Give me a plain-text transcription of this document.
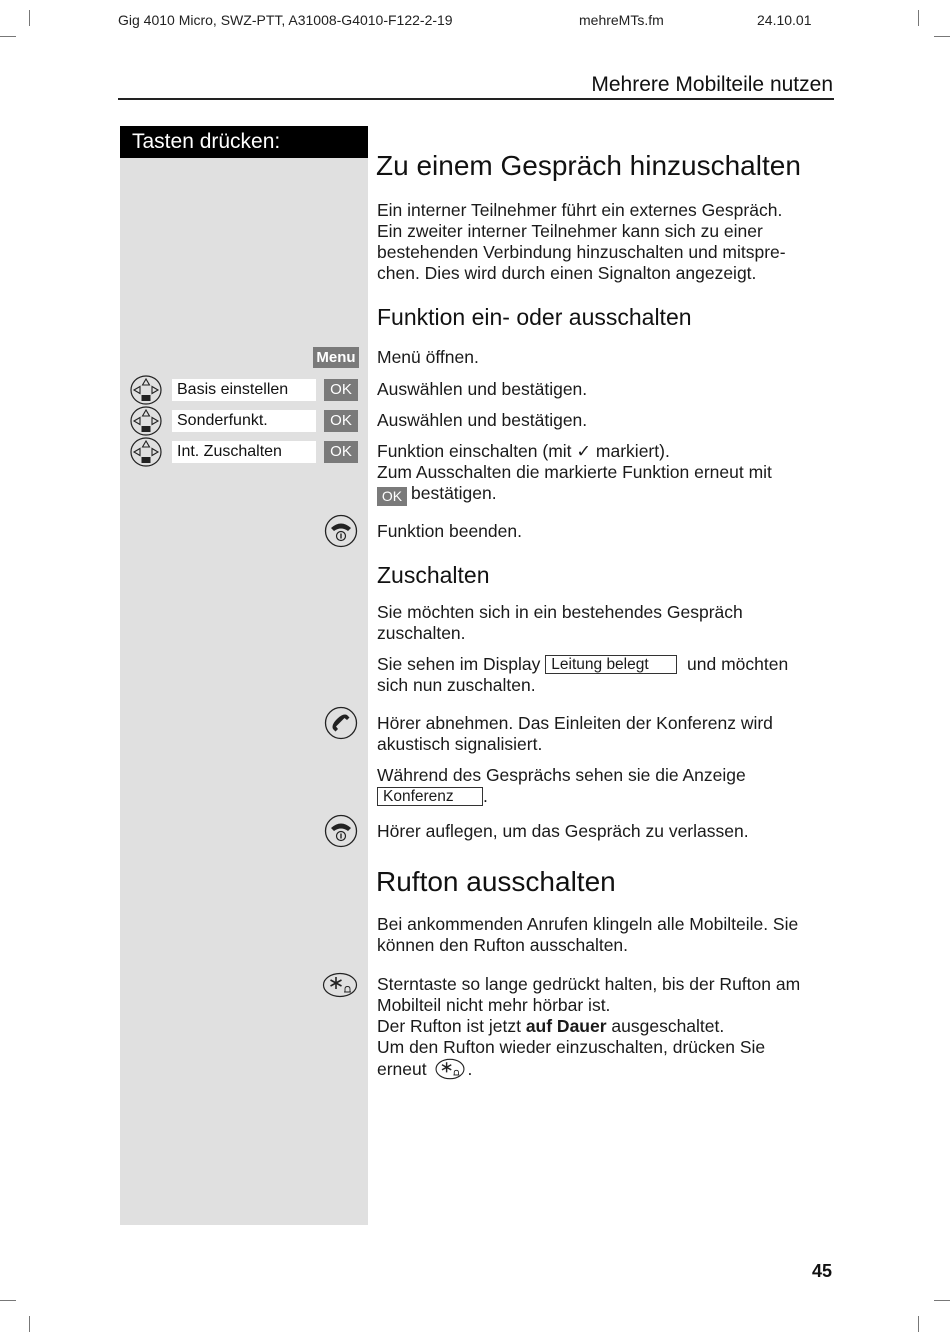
Gig 4010 Micro, SWZ-PTT, A31008-G4010-F122-2-19	mehreMTs.fm	24.10.01
Mehrere Mobilteile nutzen
Tasten drücken:
Zu einem Gespräch hinzuschalten
Ein interner Teilnehmer führt ein externes Gespräch.
Ein zweiter interner Teilnehmer kann sich zu einer
bestehenden Verbindung hinzuschalten und mitspre-
chen. Dies wird durch einen Signalton angezeigt.
Funktion ein- oder ausschalten
Menu Menü öffnen.
Basis einstellen	OK	Auswählen und bestätigen.
Sonderfunkt.	OK	Auswählen und bestätigen.
Int. Zuschalten	OK	Funktion einschalten (mit ✓ markiert).
Zum Ausschalten die markierte Funktion erneut mit
OK bestätigen.
Funktion beenden.
Zuschalten
Sie möchten sich in ein bestehendes Gespräch
zuschalten.
Sie sehen im Display Leitung belegt und möchten
sich nun zuschalten.
Hörer abnehmen. Das Einleiten der Konferenz wird
akustisch signalisiert.
Während des Gesprächs sehen sie die Anzeige
Konferenz .
Hörer auflegen, um das Gespräch zu verlassen.
Rufton ausschalten
Bei ankommenden Anrufen klingeln alle Mobilteile. Sie
können den Rufton ausschalten.
Sterntaste so lange gedrückt halten, bis der Rufton am
Mobilteil nicht mehr hörbar ist.
Der Rufton ist jetzt auf Dauer ausgeschaltet.
Um den Rufton wieder einzuschalten, drücken Sie
erneut .
45
